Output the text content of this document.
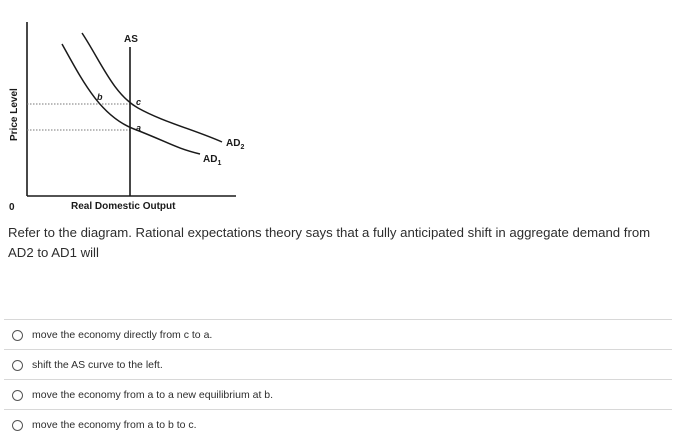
AS
$AD_2$
$AD_1$
b	c
a
Price Level
Real Domestic Output
0
Refer to the diagram. Rational expectations theory says that a fully anticipated shift in aggregate demand from AD2 to AD1 will
move the economy directly from c to a.
shift the AS curve to the left.
move the economy from a to a new equilibrium at b.
move the economy from a to b to c.
